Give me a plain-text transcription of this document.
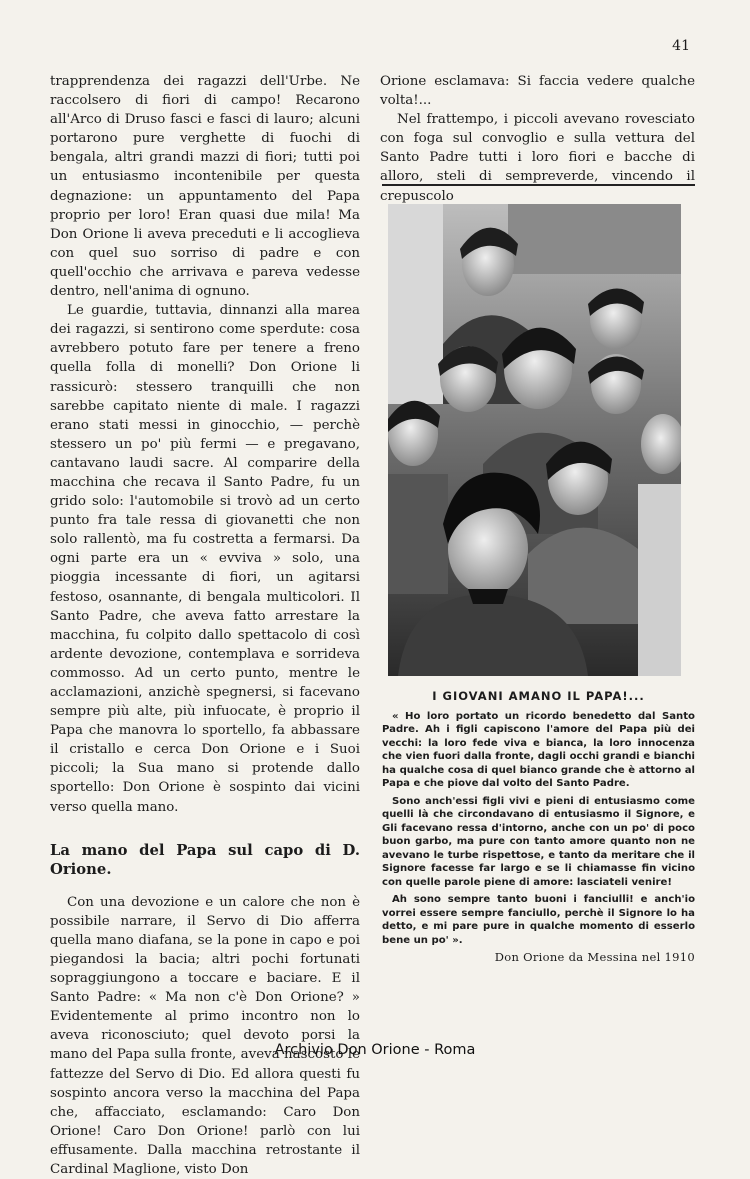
41

trapprendenza dei ragazzi dell'Urbe. Ne raccolsero di fiori di campo! Recarono all'Arco di Druso fasci e fasci di lauro; alcuni portarono pure verghette di fuochi di bengala, altri grandi mazzi di fiori; tutti poi un entusiasmo incontenibile per questa degnazione: un appuntamento del Papa proprio per loro! Eran quasi due mila! Ma Don Orione li aveva preceduti e li accoglieva con quel suo sorriso di padre e con quell'occhio che arrivava e pareva vedesse dentro, nell'anima di ognuno.

Le guardie, tuttavia, dinnanzi alla marea dei ragazzi, si sentirono come sperdute: cosa avrebbero potuto fare per tenere a freno quella folla di monelli? Don Orione li rassicurò: stessero tranquilli che non sarebbe capitato niente di male. I ragazzi erano stati messi in ginocchio, — perchè stessero un po' più fermi — e pregavano, cantavano laudi sacre. Al comparire della macchina che recava il Santo Padre, fu un grido solo: l'automobile si trovò ad un certo punto fra tale ressa di giovanetti che non solo rallentò, ma fu costretta a fermarsi. Da ogni parte era un « evviva » solo, una pioggia incessante di fiori, un agitarsi festoso, osannante, di bengala multicolori. Il Santo Padre, che aveva fatto arrestare la macchina, fu colpito dallo spettacolo di così ardente devozione, contemplava e sorrideva commosso. Ad un certo punto, mentre le acclamazioni, anzichè spegnersi, si facevano sempre più alte, più infuocate, è proprio il Papa che manovra lo sportello, fa abbassare il cristallo e cerca Don Orione e i Suoi piccoli; la Sua mano si protende dallo sportello: Don Orione è sospinto dai vicini verso quella mano.

La mano del Papa sul capo di D. Orione.

Con una devozione e un calore che non è possibile narrare, il Servo di Dio afferra quella mano diafana, se la pone in capo e poi piegandosi la bacia; altri pochi fortunati sopraggiungono a toccare e baciare. E il Santo Padre: « Ma non c'è Don Orione? » Evidentemente al primo incontro non lo aveva riconosciuto; quel devoto porsi la mano del Papa sulla fronte, aveva nascosto le fattezze del Servo di Dio. Ed allora questi fu sospinto ancora verso la macchina del Papa che, affacciato, esclamando: Caro Don Orione! Caro Don Orione! parlò con lui effusamente. Dalla macchina retrostante il Cardinal Maglione, visto Don

Orione esclamava: Si faccia vedere qualche volta!...

Nel frattempo, i piccoli avevano rovesciato con foga sul convoglio e sulla vettura del Santo Padre tutti i loro fiori e bacche di alloro, steli di sempreverde, vincendo il crepuscolo

I GIOVANI AMANO IL PAPA!...

« Ho loro portato un ricordo benedetto dal Santo Padre. Ah i figli capiscono l'amore del Papa più dei vecchi: la loro fede viva e bianca, la loro innocenza che vien fuori dalla fronte, dagli occhi grandi e bianchi ha qualche cosa di quel bianco grande che è attorno al Papa e che piove dal volto del Santo Padre.

Sono anch'essi figli vivi e pieni di entusiasmo come quelli là che circondavano di entusiasmo il Signore, e Gli facevano ressa d'intorno, anche con un po' di poco buon garbo, ma pure con tanto amore quanto non ne avevano le turbe rispettose, e tanto da meritare che il Signore facesse far largo e se li chiamasse fin vicino con quelle parole piene di amore: lasciateli venire!

Ah sono sempre tanto buoni i fanciulli! e anch'io vorrei essere sempre fanciullo, perchè il Signore lo ha detto, e mi pare pure in qualche momento di esserlo bene un po' ».

Don Orione da Messina nel 1910
Archivio Don Orione - Roma
